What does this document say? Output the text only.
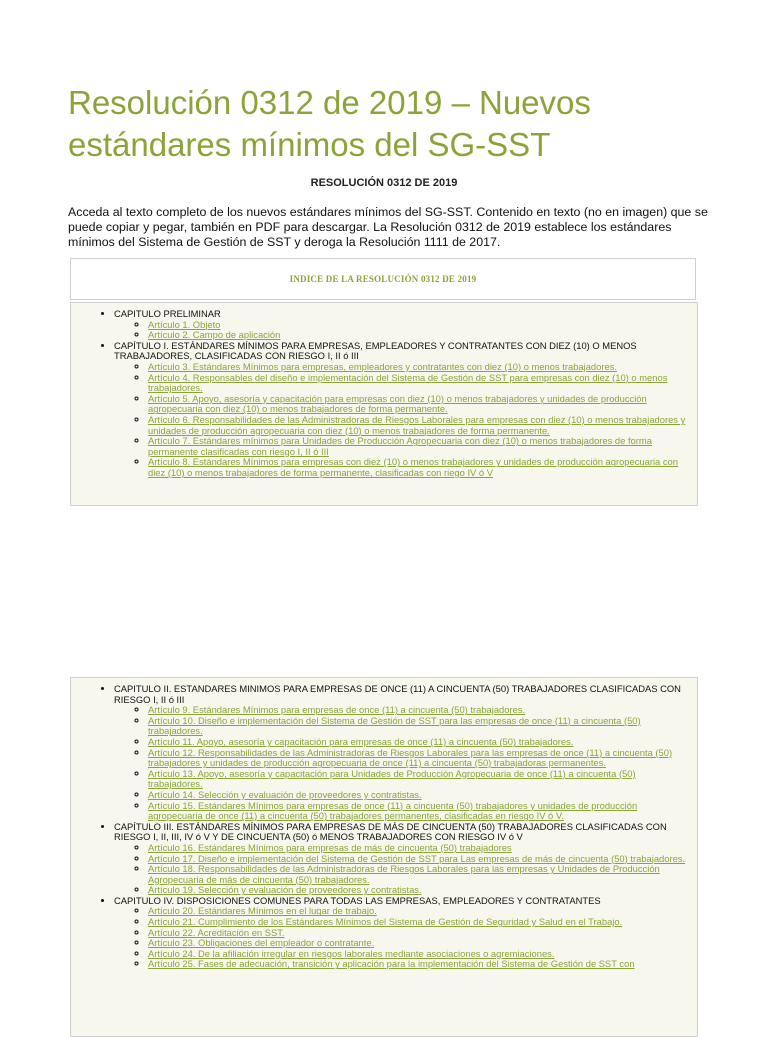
Resolución 0312 de 2019 – Nuevos estándares mínimos del SG-SST

RESOLUCIÓN 0312 DE 2019

Acceda al texto completo de los nuevos estándares mínimos del SG-SST. Contenido en texto (no en imagen) que se puede copiar y pegar, también en PDF para descargar. La Resolución 0312 de 2019 establece los estándares mínimos del Sistema de Gestión de SST y deroga la Resolución 1111 de 2017.

INDICE DE LA RESOLUCIÓN 0312 DE 2019
• CAPITULO PRELIMINAR
◦ Artículo 1. Objeto
◦ Artículo 2. Campo de aplicación
• CAPÍTULO I. ESTÁNDARES MÍNIMOS PARA EMPRESAS, EMPLEADORES Y CONTRATANTES CON DIEZ (10) O MENOS TRABAJADORES, CLASIFICADAS CON RIESGO I, II ó III
◦ Artículo 3. Estándares Mínimos para empresas, empleadores y contratantes con diez (10) o menos trabajadores.
◦ Artículo 4. Responsables del diseño e implementación del Sistema de Gestión de SST para empresas con diez (10) o menos trabajadores.
◦ Artículo 5. Apoyo, asesoría y capacitación para empresas con diez (10) o menos trabajadores y unidades de producción agropecuaria con diez (10) o menos trabajadores de forma permanente.
◦ Artículo 6. Responsabilidades de las Administradoras de Riesgos Laborales para empresas con diez (10) o menos trabajadores y unidades de producción agropecuaria con diez (10) o menos trabajadores de forma permanente.
◦ Artículo 7. Estándares mínimos para Unidades de Producción Agropecuaria con diez (10) o menos trabajadores de forma permanente clasificadas con riesgo I, II ó III
◦ Artículo 8. Estándares Mínimos para empresas con diez (10) o menos trabajadores y unidades de producción agropecuaria con diez (10) o menos trabajadores de forma permanente, clasificadas con riego IV ó V
• CAPITULO II. ESTANDARES MINIMOS PARA EMPRESAS DE ONCE (11) A CINCUENTA (50) TRABAJADORES CLASIFICADAS CON RIESGO I, II ó III
◦ Artículo 9. Estándares Mínimos para empresas de once (11) a cincuenta (50) trabajadores.
◦ Artículo 10. Diseño e implementación del Sistema de Gestión de SST para las empresas de once (11) a cincuenta (50) trabajadores.
◦ Artículo 11. Apoyo, asesoría y capacitación para empresas de once (11) a cincuenta (50) trabajadores.
◦ Artículo 12. Responsabilidades de las Administradoras de Riesgos Laborales para las empresas de once (11) a cincuenta (50) trabajadores y unidades de producción agropecuaria de once (11) a cincuenta (50) trabajadoras permanentes.
◦ Artículo 13. Apoyo, asesoría y capacitación para Unidades de Producción Agropecuaria de once (11) a cincuenta (50) trabajadores.
◦ Artículo 14. Selección y evaluación de proveedores y contratistas.
◦ Artículo 15. Estándares Mínimos para empresas de once (11) a cincuenta (50) trabajadores y unidades de producción agropecuaria de once (11) a cincuenta (50) trabajadores permanentes, clasificadas en riesgo IV ó V.
• CAPÍTULO III. ESTÁNDARES MÍNIMOS PARA EMPRESAS DE MÁS DE CINCUENTA (50) TRABAJADORES CLASIFICADAS CON RIESGO I, II, III, IV ó V Y DE CINCUENTA (50) ó MENOS TRABAJADORES CON RIESGO IV ó V
◦ Artículo 16. Estándares Mínimos para empresas de más de cincuenta (50) trabajadores
◦ Artículo 17. Diseño e implementación del Sistema de Gestión de SST para Las empresas de más de cincuenta (50) trabajadores.
◦ Artículo 18. Responsabilidades de las Administradoras de Riesgos Laborales para las empresas y Unidades de Producción Agropecuaria de más de cincuenta (50) trabajadores.
◦ Artículo 19. Selección y evaluación de proveedores y contratistas.
• CAPITULO IV. DISPOSICIONES COMUNES PARA TODAS LAS EMPRESAS, EMPLEADORES Y CONTRATANTES
◦ Artículo 20. Estándares Mínimos en el lugar de trabajo.
◦ Artículo 21. Cumplimiento de los Estándares Mínimos del Sistema de Gestión de Seguridad y Salud en el Trabajo.
◦ Artículo 22. Acreditación en SST.
◦ Artículo 23. Obligaciones del empleador o contratante.
◦ Artículo 24. De la afiliación irregular en riesgos laborales mediante asociaciones o agremiaciones.
◦ Artículo 25. Fases de adecuación, transición y aplicación para la implementación del Sistema de Gestión de SST con
